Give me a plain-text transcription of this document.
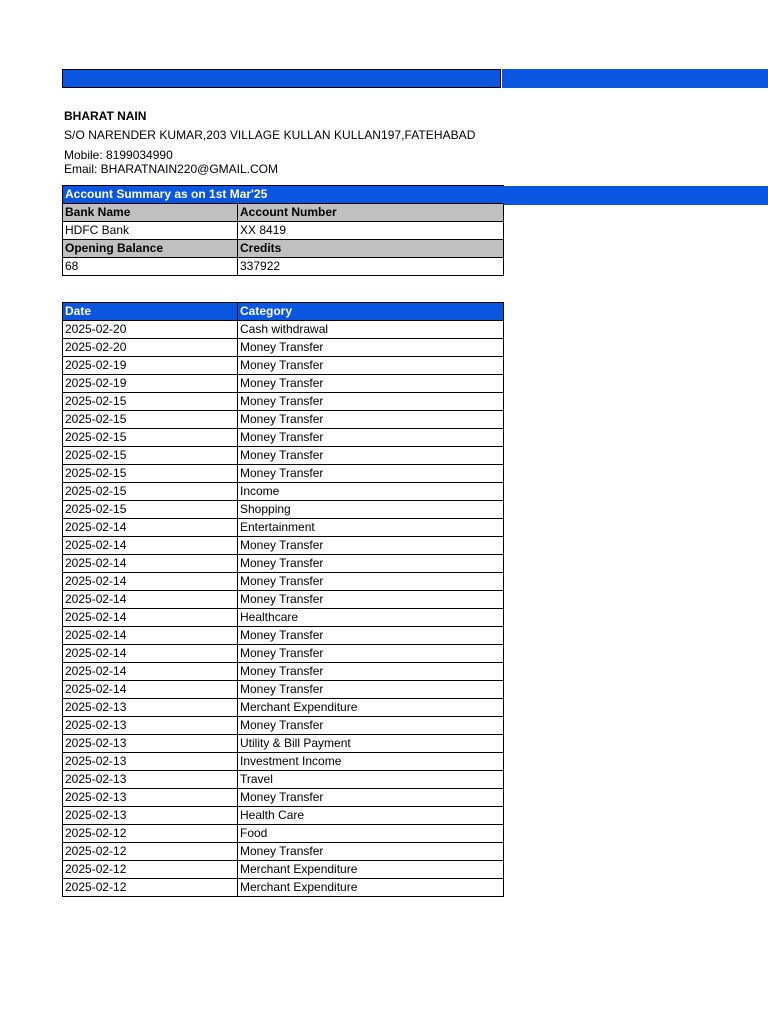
BHARAT NAIN
S/O NARENDER KUMAR,203 VILLAGE KULLAN KULLAN197,FATEHABAD
Mobile: 8199034990
Email: BHARATNAIN220@GMAIL.COM
Account Summary as on 1st Mar'25	
Bank Name	Account Number
HDFC Bank	XX 8419
Opening Balance	Credits
68	337922
Date	Category
2025-02-20	Cash withdrawal
2025-02-20	Money Transfer
2025-02-19	Money Transfer
2025-02-19	Money Transfer
2025-02-15	Money Transfer
2025-02-15	Money Transfer
2025-02-15	Money Transfer
2025-02-15	Money Transfer
2025-02-15	Money Transfer
2025-02-15	Income
2025-02-15	Shopping
2025-02-14	Entertainment
2025-02-14	Money Transfer
2025-02-14	Money Transfer
2025-02-14	Money Transfer
2025-02-14	Money Transfer
2025-02-14	Healthcare
2025-02-14	Money Transfer
2025-02-14	Money Transfer
2025-02-14	Money Transfer
2025-02-14	Money Transfer
2025-02-13	Merchant Expenditure
2025-02-13	Money Transfer
2025-02-13	Utility & Bill Payment
2025-02-13	Investment Income
2025-02-13	Travel
2025-02-13	Money Transfer
2025-02-13	Health Care
2025-02-12	Food
2025-02-12	Money Transfer
2025-02-12	Merchant Expenditure
2025-02-12	Merchant Expenditure
